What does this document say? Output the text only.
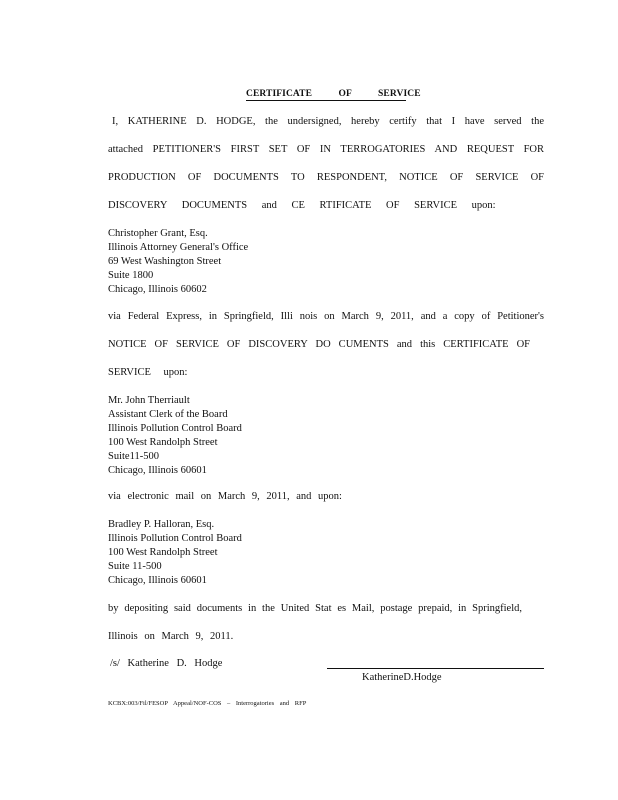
CERTIFICATE OF SERVICE
I, KATHERINE D. HODGE, the undersigned, hereby certify that I have served the
attached PETITIONER'S FIRST SET OF IN TERROGATORIES AND REQUEST FOR
PRODUCTION OF DOCUMENTS TO RESPONDENT, NOTICE OF SERVICE OF
DISCOVERY DOCUMENTS and CE RTIFICATE OF SERVICE upon:
Christopher Grant, Esq.
Illinois Attorney General's Office
69 West Washington Street
Suite 1800
Chicago, Illinois 60602
via Federal Express, in Springfield, Illi nois on March 9, 2011, and a copy of Petitioner's
NOTICE OF SERVICE OF DISCOVERY DO CUMENTS and this CERTIFICATE OF
SERVICE upon:
Mr. John Therriault
Assistant Clerk of the Board
Illinois Pollution Control Board
100 West Randolph Street
Suite11-500
Chicago, Illinois 60601
via electronic mail on March 9, 2011, and upon:
Bradley P. Halloran, Esq.
Illinois Pollution Control Board
100 West Randolph Street
Suite 11-500
Chicago, Illinois 60601
by depositing said documents in the United Stat es Mail, postage prepaid, in Springfield,
Illinois on March 9, 2011.
/s/ Katherine D. Hodge
KatherineD.Hodge
KCBX:003/Fil/FESOP Appeal/NOF-COS – Interrogatories and RFP
